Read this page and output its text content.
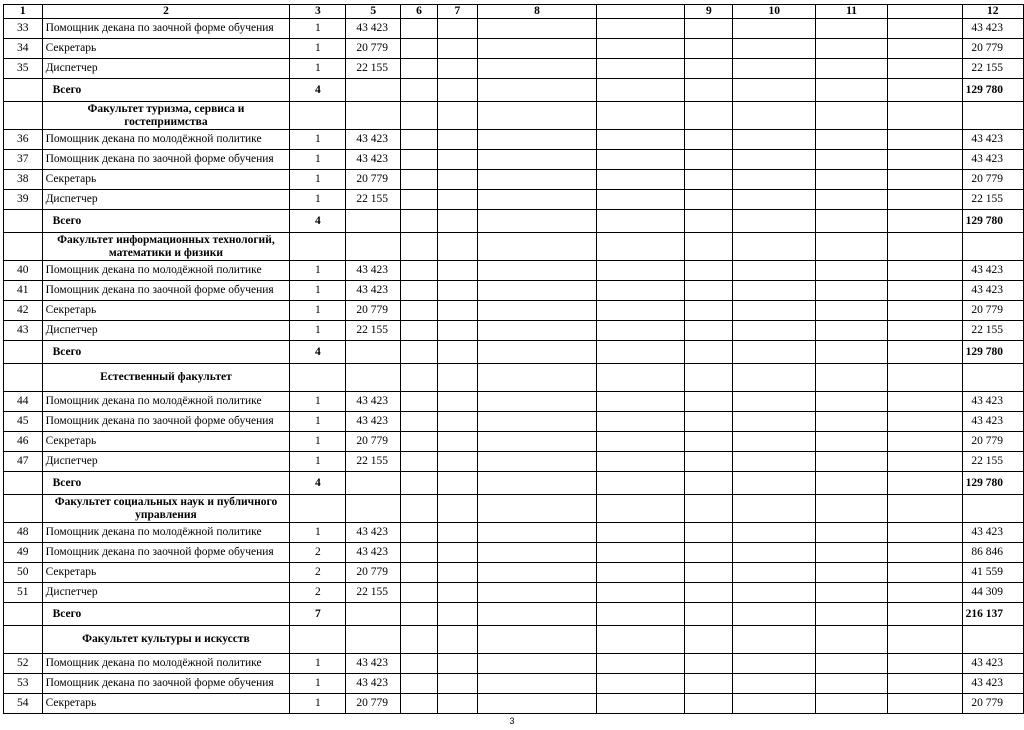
1	2	3	5	6	7	8		9	10	11		12
33	Помощник декана по заочной форме обучения	1	43 423									43 423
34	Секретарь	1	20 779									20 779
35	Диспетчер	1	22 155									22 155
	Всего	4										129 780
	Факультет туризма, сервиса и гостеприимства											
36	Помощник декана по молодёжной политике	1	43 423									43 423
37	Помощник декана по заочной форме обучения	1	43 423									43 423
38	Секретарь	1	20 779									20 779
39	Диспетчер	1	22 155									22 155
	Всего	4										129 780
	Факультет информационных технологий, математики и физики											
40	Помощник декана по молодёжной политике	1	43 423									43 423
41	Помощник декана по заочной форме обучения	1	43 423									43 423
42	Секретарь	1	20 779									20 779
43	Диспетчер	1	22 155									22 155
	Всего	4										129 780
	Естественный факультет											
44	Помощник декана по молодёжной политике	1	43 423									43 423
45	Помощник декана по заочной форме обучения	1	43 423									43 423
46	Секретарь	1	20 779									20 779
47	Диспетчер	1	22 155									22 155
	Всего	4										129 780
	Факультет социальных наук и публичного управления											
48	Помощник декана по молодёжной политике	1	43 423									43 423
49	Помощник декана по заочной форме обучения	2	43 423									86 846
50	Секретарь	2	20 779									41 559
51	Диспетчер	2	22 155									44 309
	Всего	7										216 137
	Факультет культуры и искусств											
52	Помощник декана по молодёжной политике	1	43 423									43 423
53	Помощник декана по заочной форме обучения	1	43 423									43 423
54	Секретарь	1	20 779									20 779
3
